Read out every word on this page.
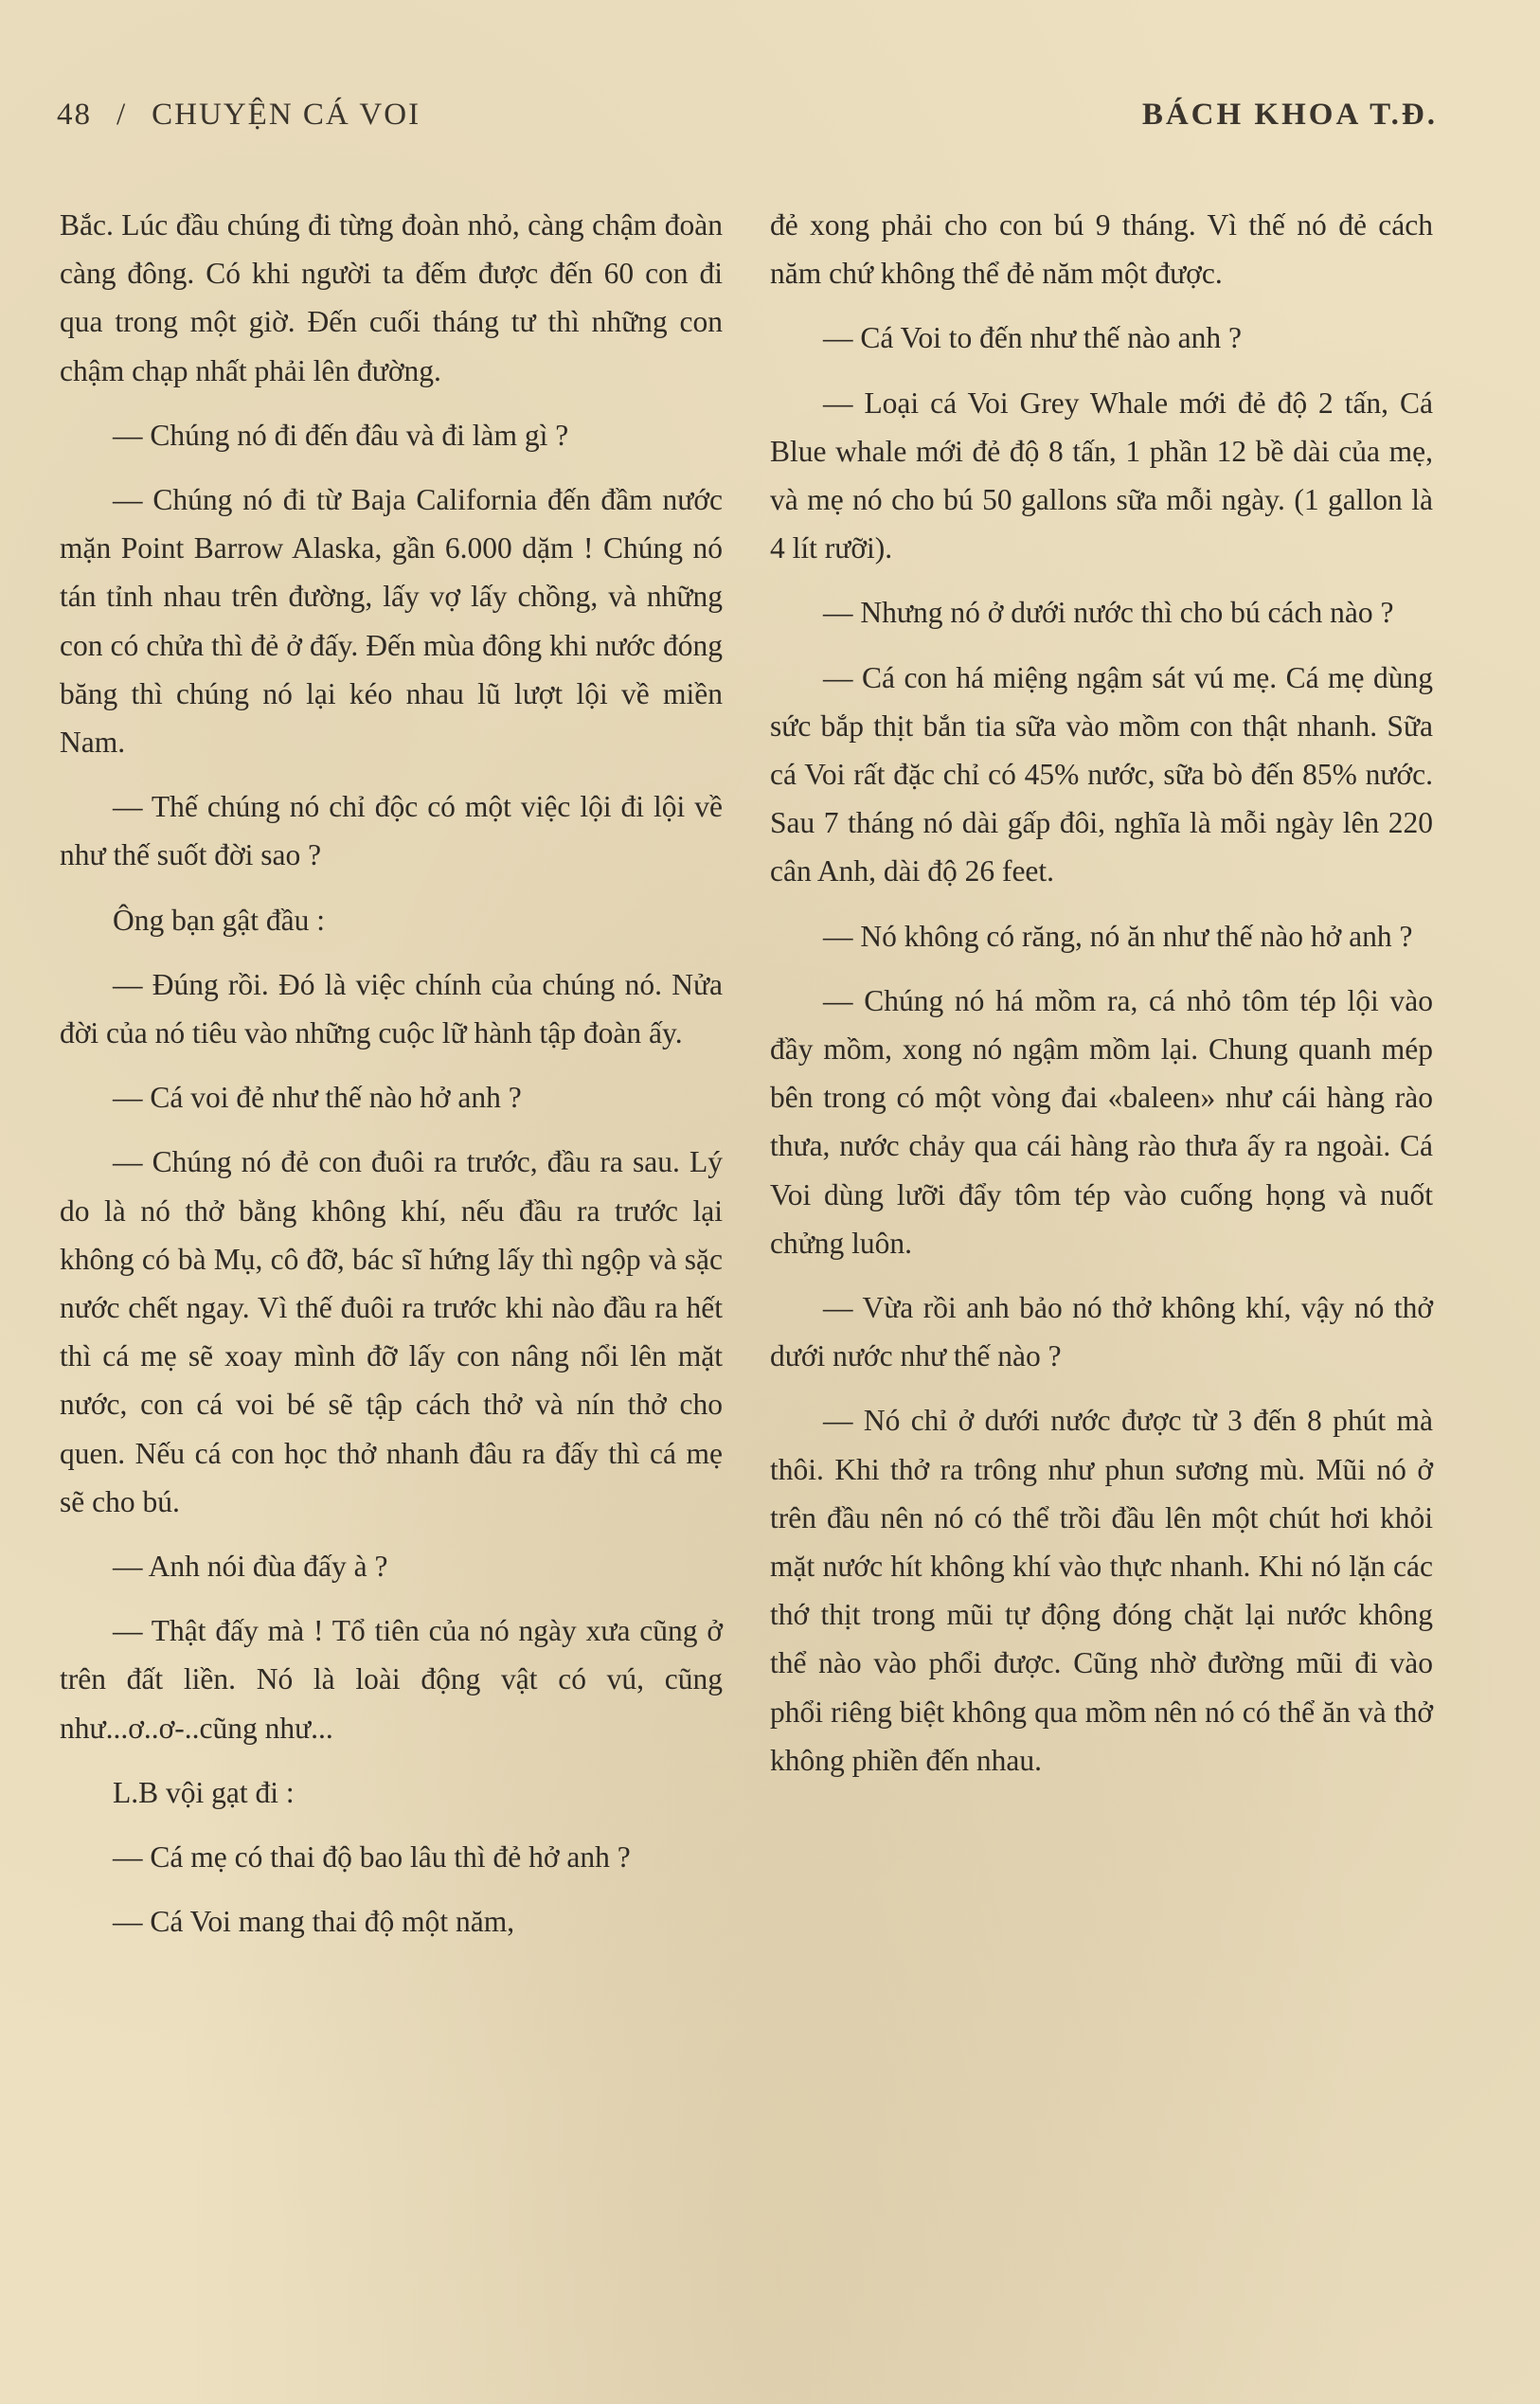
48 / CHUYỆN CÁ VOI	BÁCH KHOA T.Đ.

Bắc. Lúc đầu chúng đi từng đoàn nhỏ, càng chậm đoàn càng đông. Có khi người ta đếm được đến 60 con đi qua trong một giờ. Đến cuối tháng tư thì những con chậm chạp nhất phải lên đường.

— Chúng nó đi đến đâu và đi làm gì ?

— Chúng nó đi từ Baja California đến đầm nước mặn Point Barrow Alaska, gần 6.000 dặm ! Chúng nó tán tỉnh nhau trên đường, lấy vợ lấy chồng, và những con có chửa thì đẻ ở đấy. Đến mùa đông khi nước đóng băng thì chúng nó lại kéo nhau lũ lượt lội về miền Nam.

— Thế chúng nó chỉ độc có một việc lội đi lội về như thế suốt đời sao ?

Ông bạn gật đầu :

— Đúng rồi. Đó là việc chính của chúng nó. Nửa đời của nó tiêu vào những cuộc lữ hành tập đoàn ấy.

— Cá voi đẻ như thế nào hở anh ?

— Chúng nó đẻ con đuôi ra trước, đầu ra sau. Lý do là nó thở bằng không khí, nếu đầu ra trước lại không có bà Mụ, cô đỡ, bác sĩ hứng lấy thì ngộp và sặc nước chết ngay. Vì thế đuôi ra trước khi nào đầu ra hết thì cá mẹ sẽ xoay mình đỡ lấy con nâng nổi lên mặt nước, con cá voi bé sẽ tập cách thở và nín thở cho quen. Nếu cá con học thở nhanh đâu ra đấy thì cá mẹ sẽ cho bú.

— Anh nói đùa đấy à ?

— Thật đấy mà ! Tổ tiên của nó ngày xưa cũng ở trên đất liền. Nó là loài động vật có vú, cũng như...ơ..ơ-..cũng như...

L.B vội gạt đi :

— Cá mẹ có thai độ bao lâu thì đẻ hở anh ?

— Cá Voi mang thai độ một năm,

đẻ xong phải cho con bú 9 tháng. Vì thế nó đẻ cách năm chứ không thể đẻ năm một được.

— Cá Voi to đến như thế nào anh ?

— Loại cá Voi Grey Whale mới đẻ độ 2 tấn, Cá Blue whale mới đẻ độ 8 tấn, 1 phần 12 bề dài của mẹ, và mẹ nó cho bú 50 gallons sữa mỗi ngày. (1 gallon là 4 lít rưỡi).

— Nhưng nó ở dưới nước thì cho bú cách nào ?

— Cá con há miệng ngậm sát vú mẹ. Cá mẹ dùng sức bắp thịt bắn tia sữa vào mồm con thật nhanh. Sữa cá Voi rất đặc chỉ có 45% nước, sữa bò đến 85% nước. Sau 7 tháng nó dài gấp đôi, nghĩa là mỗi ngày lên 220 cân Anh, dài độ 26 feet.

— Nó không có răng, nó ăn như thế nào hở anh ?

— Chúng nó há mồm ra, cá nhỏ tôm tép lội vào đầy mồm, xong nó ngậm mồm lại. Chung quanh mép bên trong có một vòng đai «baleen» như cái hàng rào thưa, nước chảy qua cái hàng rào thưa ấy ra ngoài. Cá Voi dùng lưỡi đẩy tôm tép vào cuống họng và nuốt chửng luôn.

— Vừa rồi anh bảo nó thở không khí, vậy nó thở dưới nước như thế nào ?

— Nó chỉ ở dưới nước được từ 3 đến 8 phút mà thôi. Khi thở ra trông như phun sương mù. Mũi nó ở trên đầu nên nó có thể trồi đầu lên một chút hơi khỏi mặt nước hít không khí vào thực nhanh. Khi nó lặn các thớ thịt trong mũi tự động đóng chặt lại nước không thể nào vào phổi được. Cũng nhờ đường mũi đi vào phổi riêng biệt không qua mồm nên nó có thể ăn và thở không phiền đến nhau.
